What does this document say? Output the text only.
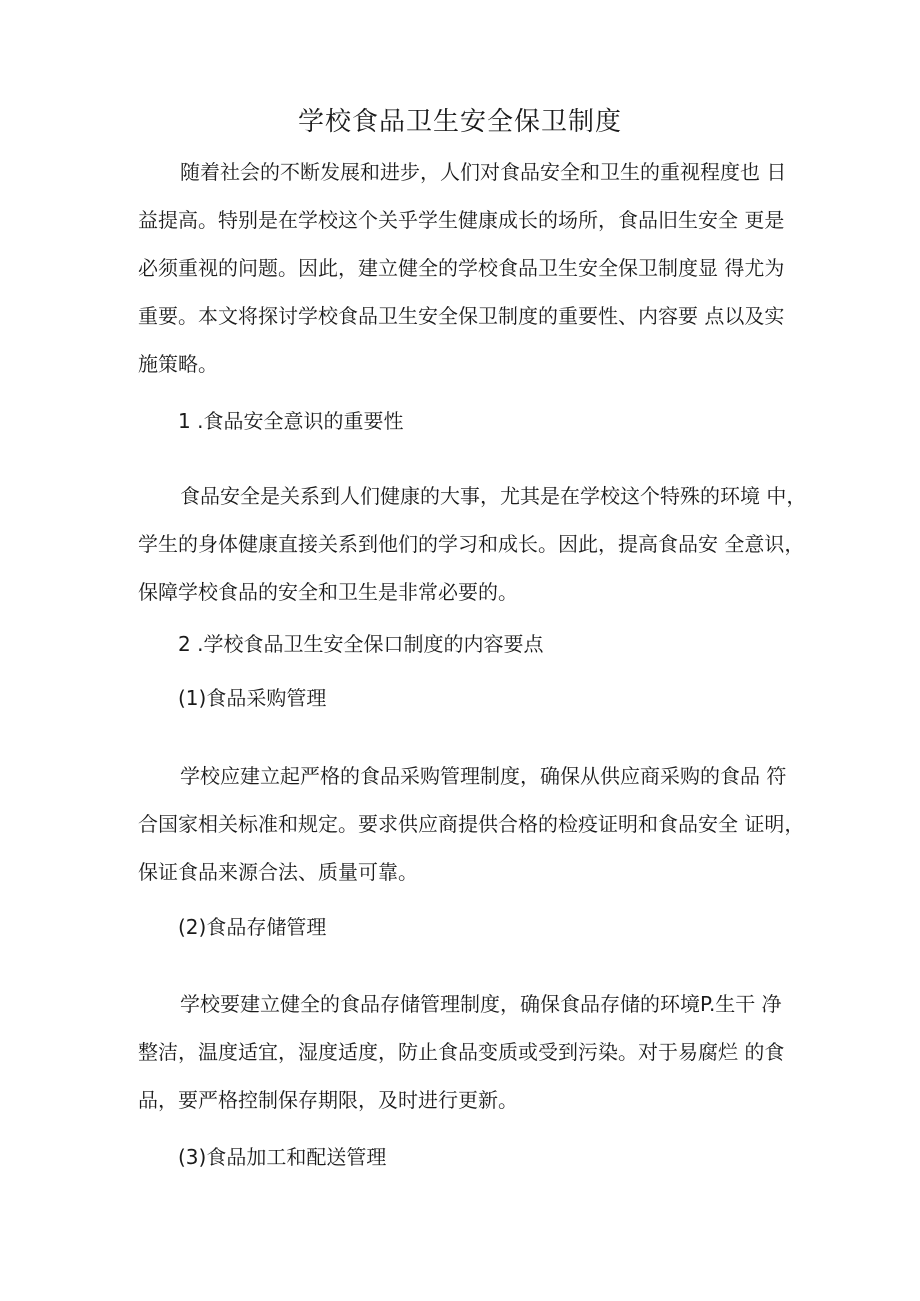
学校食品卫生安全保卫制度
随着社会的不断发展和进步，人们对食品安全和卫生的重视程度也 日
益提高。特别是在学校这个关乎学生健康成长的场所，食品旧生安全 更是
必须重视的问题。因此，建立健全的学校食品卫生安全保卫制度显 得尤为
重要。本文将探讨学校食品卫生安全保卫制度的重要性、内容要 点以及实
施策略。
1 .食品安全意识的重要性
食品安全是关系到人们健康的大事，尤其是在学校这个特殊的环境 中，
学生的身体健康直接关系到他们的学习和成长。因此，提高食品安 全意识，
保障学校食品的安全和卫生是非常必要的。
2 .学校食品卫生安全保口制度的内容要点
(1)食品采购管理
学校应建立起严格的食品采购管理制度，确保从供应商采购的食品 符
合国家相关标准和规定。要求供应商提供合格的检疫证明和食品安全 证明，
保证食品来源合法、质量可靠。
(2)食品存储管理
学校要建立健全的食品存储管理制度，确保食品存储的环境P.生干 净
整洁，温度适宜，湿度适度，防止食品变质或受到污染。对于易腐烂 的食
品，要严格控制保存期限，及时进行更新。
(3)食品加工和配送管理
